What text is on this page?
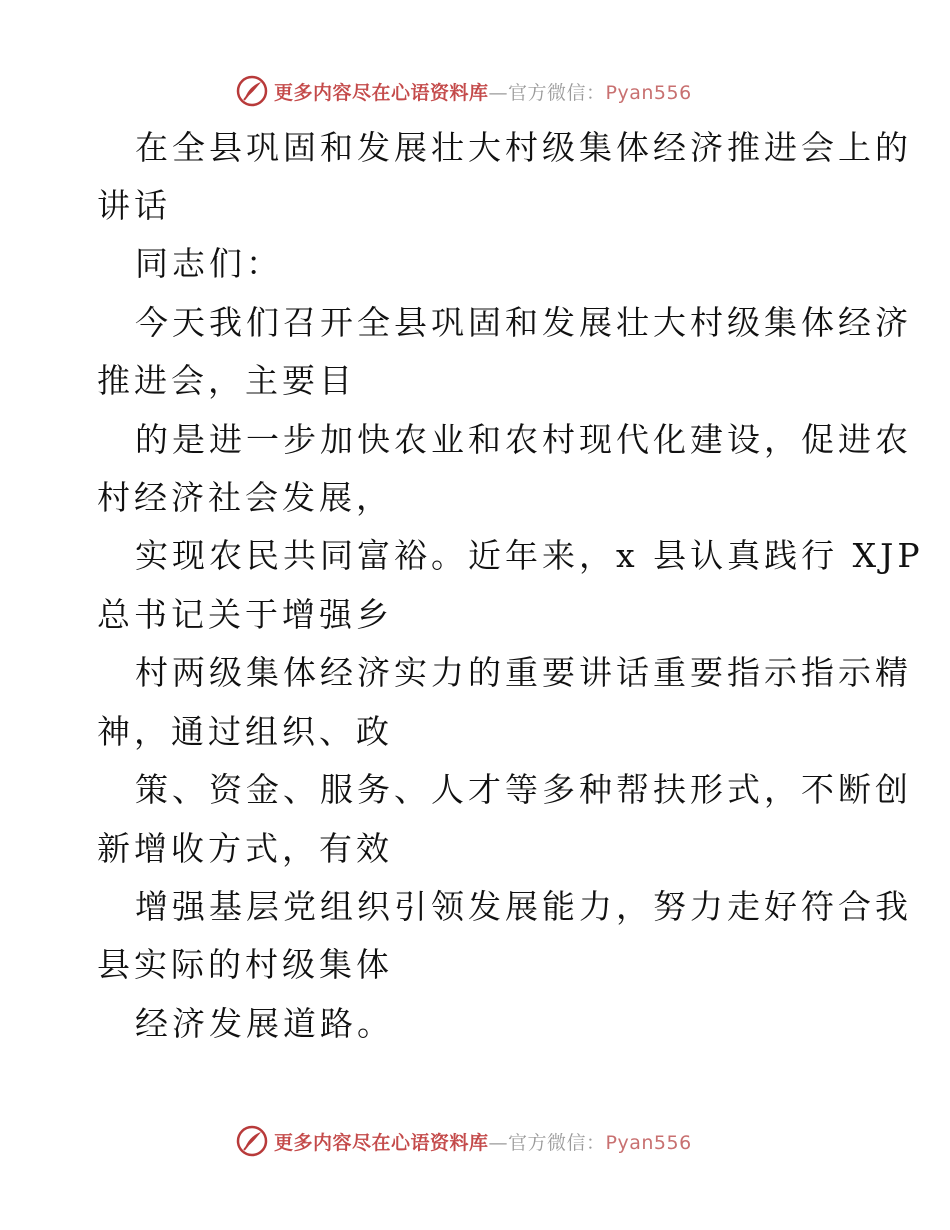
更多内容尽在心语资料库—官方微信：Pyan556
在全县巩固和发展壮大村级集体经济推进会上的
讲话
同志们：
今天我们召开全县巩固和发展壮大村级集体经济
推进会，主要目
的是进一步加快农业和农村现代化建设，促进农
村经济社会发展，
实现农民共同富裕。近年来，x 县认真践行 XJP
总书记关于增强乡
村两级集体经济实力的重要讲话重要指示指示精
神，通过组织、政
策、资金、服务、人才等多种帮扶形式，不断创
新增收方式，有效
增强基层党组织引领发展能力，努力走好符合我
县实际的村级集体
经济发展道路。
更多内容尽在心语资料库—官方微信：Pyan556
